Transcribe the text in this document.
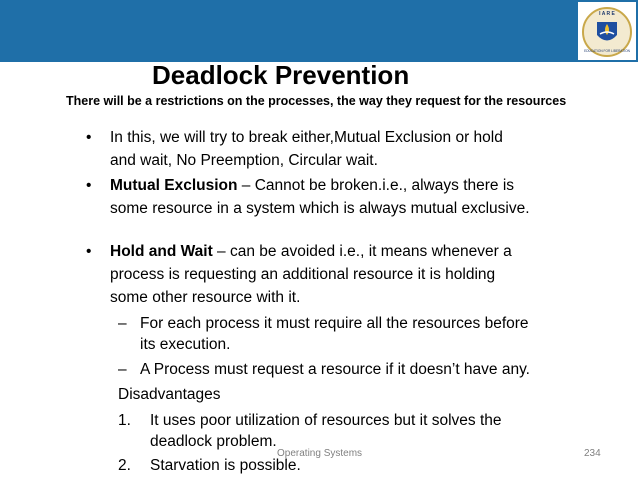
I A R E
EDUCATION FOR LIBERATION
Deadlock Prevention
There will be a restrictions on the processes, the way they request for the resources
• In this, we will try to break either,Mutual Exclusion or hold
and wait, No Preemption, Circular wait.
• Mutual Exclusion – Cannot be broken.i.e., always there is
some resource in a system which is always mutual exclusive.
• Hold and Wait – can be avoided i.e., it means whenever a
process is requesting an additional resource it is holding
some other resource with it.
– For each process it must require all the resources before
its execution.
– A Process must request a resource if it doesn’t have any.
Disadvantages
1. It uses poor utilization of resources but it solves the
deadlock problem.
2. Starvation is possible.
Operating Systems	234
